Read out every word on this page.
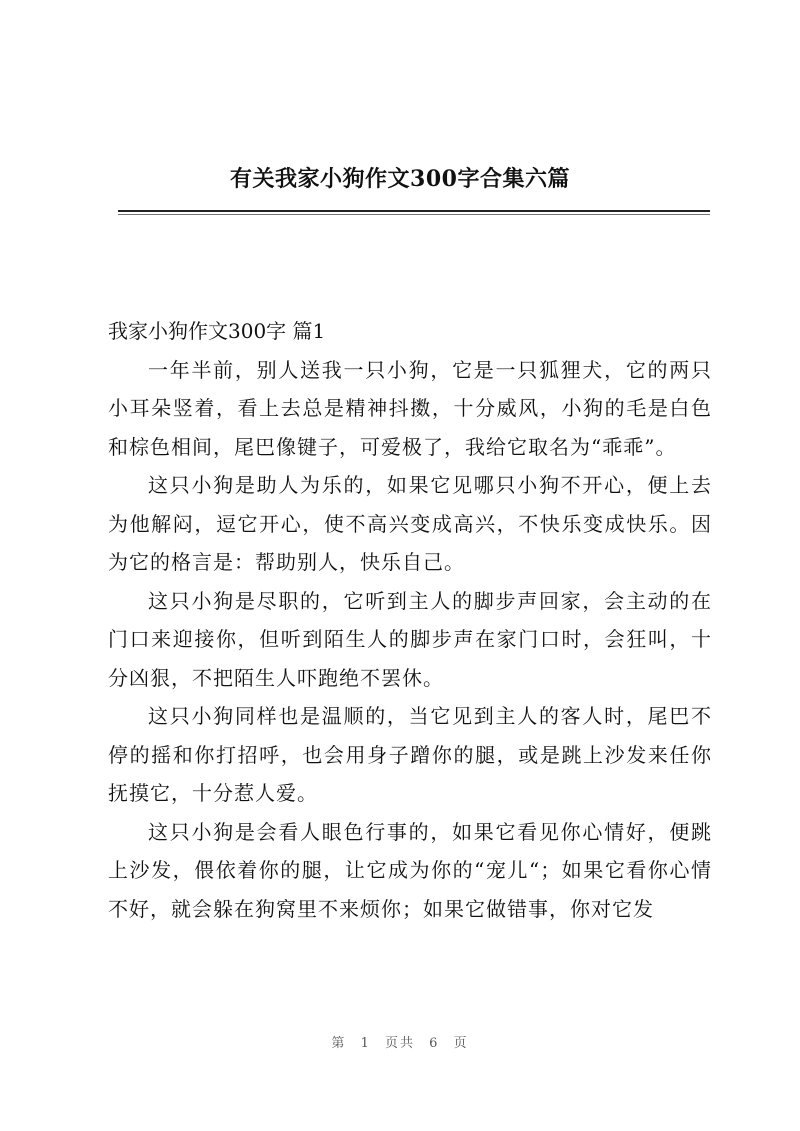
有关我家小狗作文300字合集六篇

我家小狗作文300字 篇1

一年半前，别人送我一只小狗，它是一只狐狸犬，它的两只小耳朵竖着，看上去总是精神抖擞，十分威风，小狗的毛是白色和棕色相间，尾巴像键子，可爱极了，我给它取名为“乖乖”。

这只小狗是助人为乐的，如果它见哪只小狗不开心，便上去为他解闷，逗它开心，使不高兴变成高兴，不快乐变成快乐。因为它的格言是：帮助别人，快乐自己。

这只小狗是尽职的，它听到主人的脚步声回家，会主动的在门口来迎接你，但听到陌生人的脚步声在家门口时，会狂叫，十分凶狠，不把陌生人吓跑绝不罢休。

这只小狗同样也是温顺的，当它见到主人的客人时，尾巴不停的摇和你打招呼，也会用身子蹭你的腿，或是跳上沙发来任你抚摸它，十分惹人爱。

这只小狗是会看人眼色行事的，如果它看见你心情好，便跳上沙发，偎依着你的腿，让它成为你的“宠儿“；如果它看你心情不好，就会躲在狗窝里不来烦你；如果它做错事，你对它发

第 1 页共 6 页
